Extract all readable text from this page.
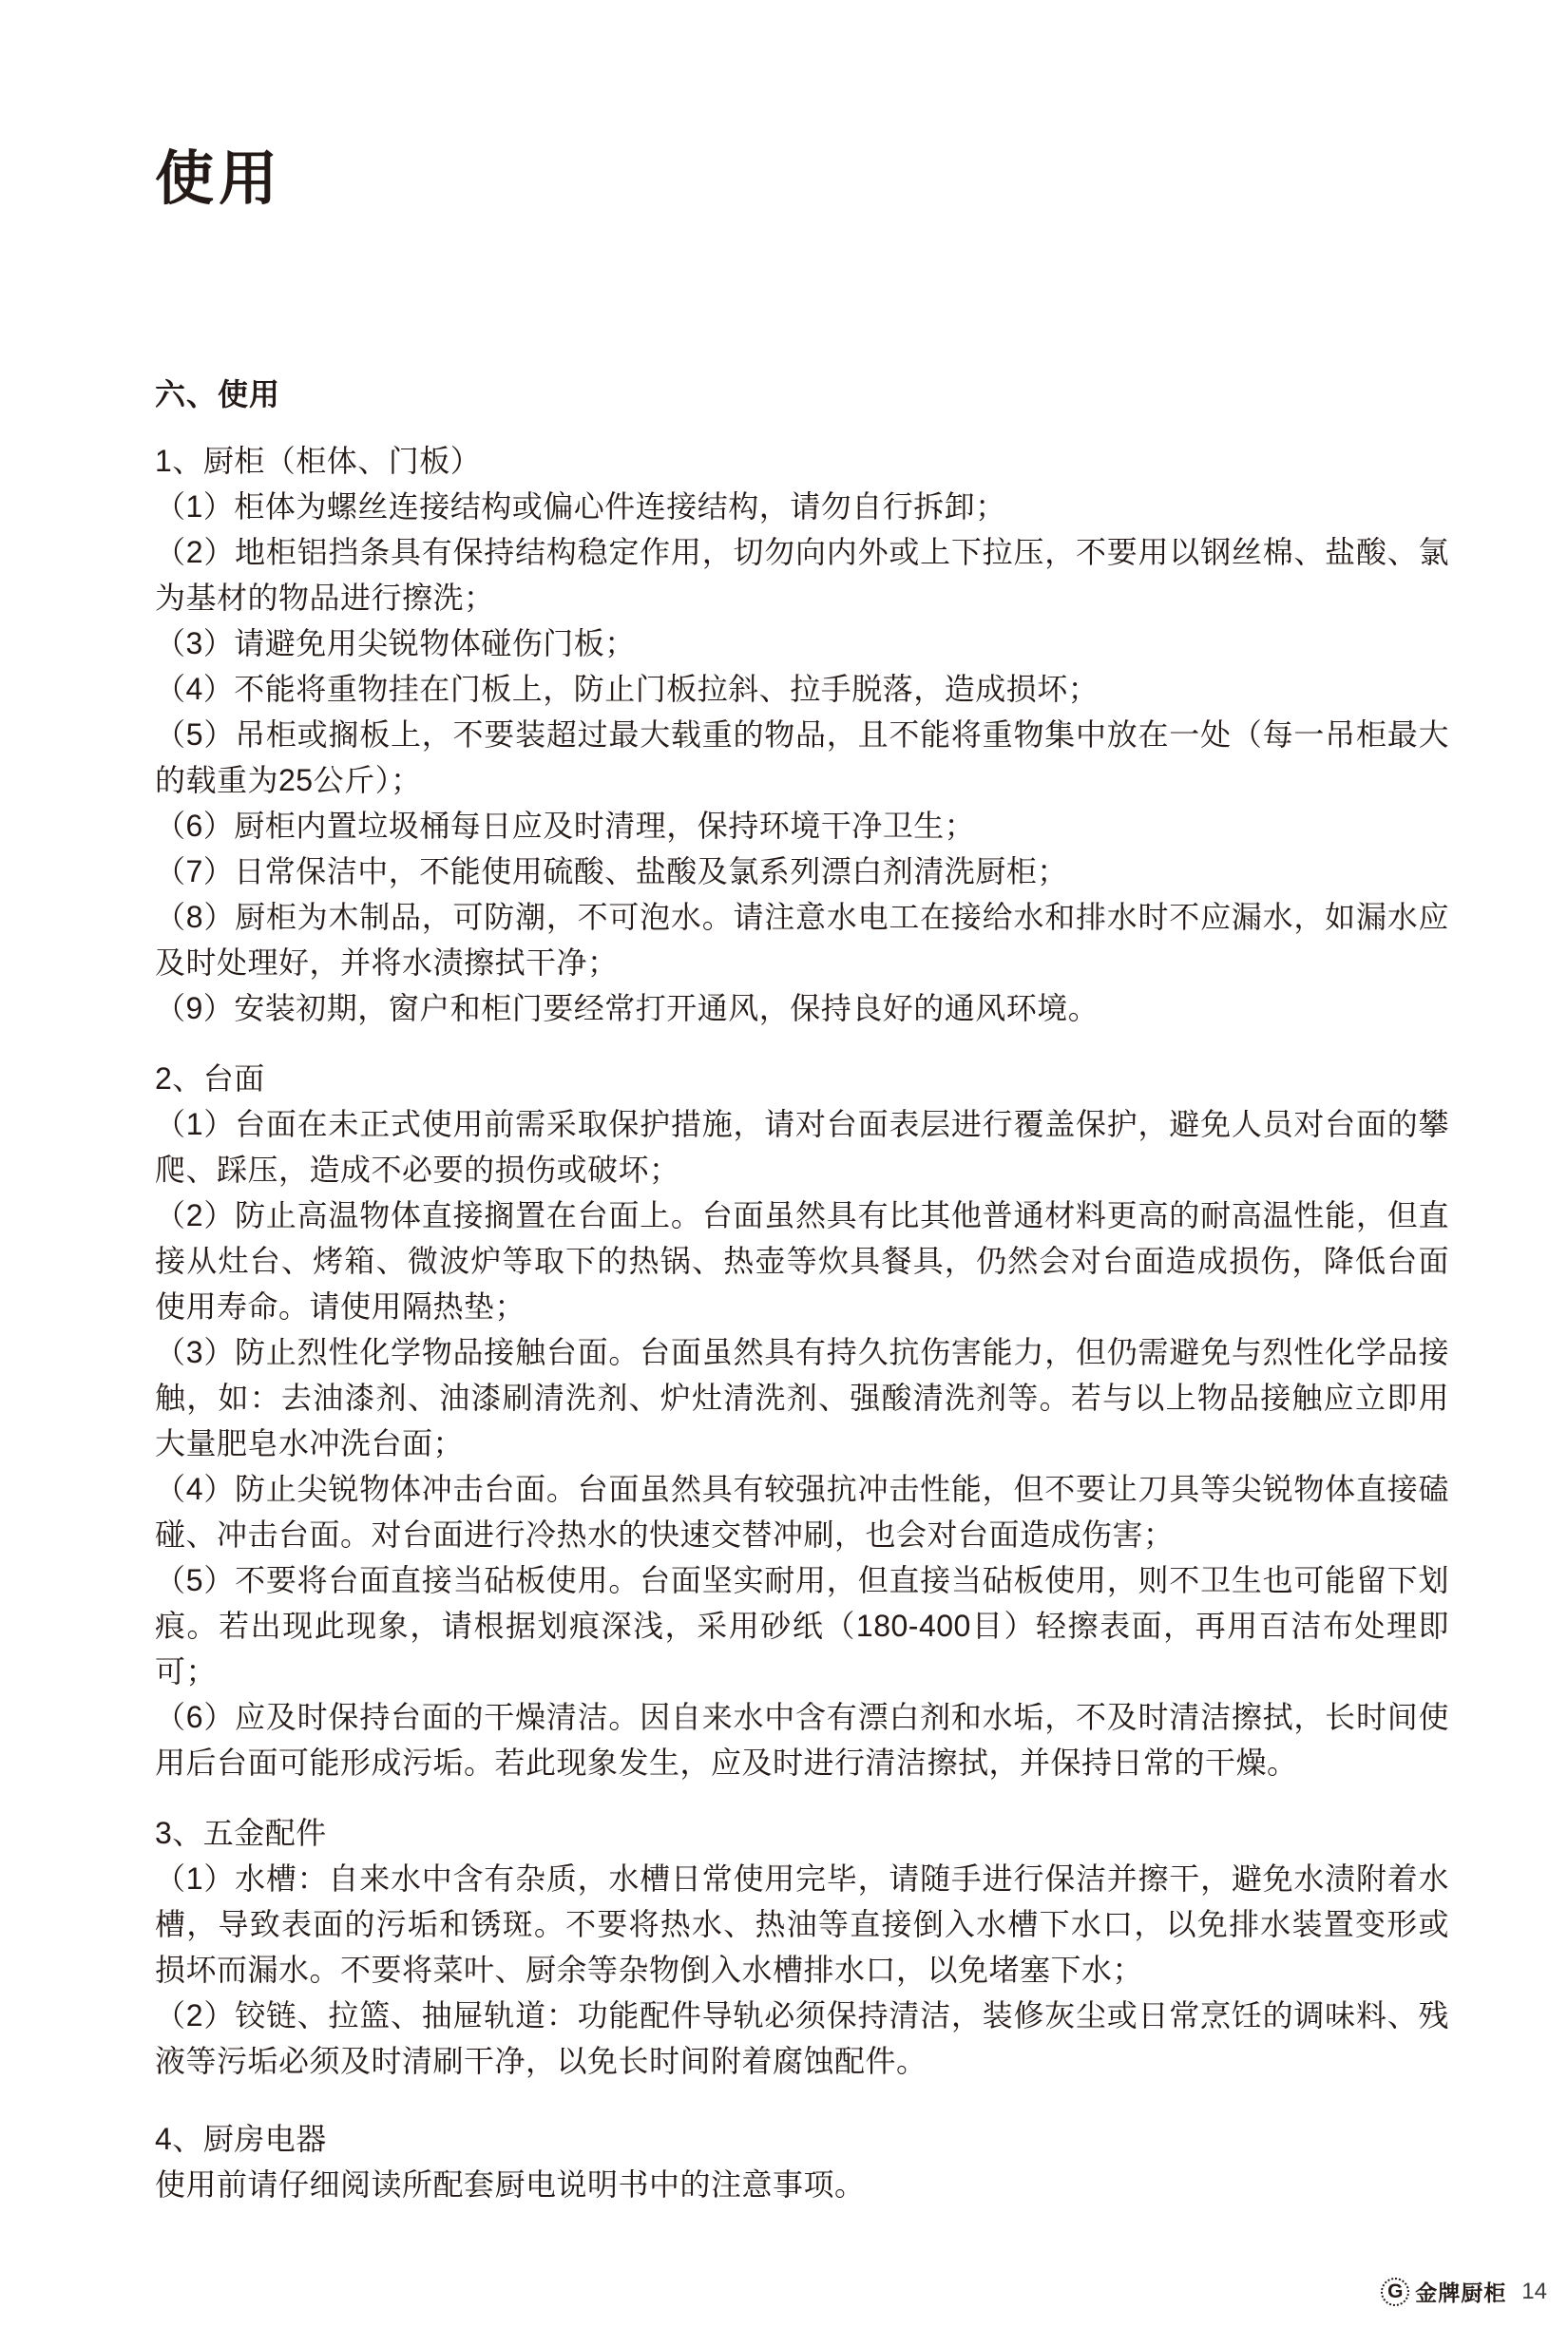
使用
六、使用

1、厨柜（柜体、门板）

（1）柜体为螺丝连接结构或偏心件连接结构，请勿自行拆卸；

（2）地柜铝挡条具有保持结构稳定作用，切勿向内外或上下拉压，不要用以钢丝棉、盐酸、氯为基材的物品进行擦洗；

（3）请避免用尖锐物体碰伤门板；

（4）不能将重物挂在门板上，防止门板拉斜、拉手脱落，造成损坏；

（5）吊柜或搁板上，不要装超过最大载重的物品，且不能将重物集中放在一处（每一吊柜最大的载重为25公斤）；

（6）厨柜内置垃圾桶每日应及时清理，保持环境干净卫生；

（7）日常保洁中，不能使用硫酸、盐酸及氯系列漂白剂清洗厨柜；

（8）厨柜为木制品，可防潮，不可泡水。请注意水电工在接给水和排水时不应漏水，如漏水应及时处理好，并将水渍擦拭干净；

（9）安装初期，窗户和柜门要经常打开通风，保持良好的通风环境。

2、台面

（1）台面在未正式使用前需采取保护措施，请对台面表层进行覆盖保护，避免人员对台面的攀爬、踩压，造成不必要的损伤或破坏；

（2）防止高温物体直接搁置在台面上。台面虽然具有比其他普通材料更高的耐高温性能，但直接从灶台、烤箱、微波炉等取下的热锅、热壶等炊具餐具，仍然会对台面造成损伤，降低台面使用寿命。请使用隔热垫；

（3）防止烈性化学物品接触台面。台面虽然具有持久抗伤害能力，但仍需避免与烈性化学品接触，如：去油漆剂、油漆刷清洗剂、炉灶清洗剂、强酸清洗剂等。若与以上物品接触应立即用大量肥皂水冲洗台面；

（4）防止尖锐物体冲击台面。台面虽然具有较强抗冲击性能，但不要让刀具等尖锐物体直接磕碰、冲击台面。对台面进行冷热水的快速交替冲刷，也会对台面造成伤害；

（5）不要将台面直接当砧板使用。台面坚实耐用，但直接当砧板使用，则不卫生也可能留下划痕。若出现此现象，请根据划痕深浅，采用砂纸（180-400目）轻擦表面，再用百洁布处理即可；

（6）应及时保持台面的干燥清洁。因自来水中含有漂白剂和水垢，不及时清洁擦拭，长时间使用后台面可能形成污垢。若此现象发生，应及时进行清洁擦拭，并保持日常的干燥。

3、五金配件

（1）水槽：自来水中含有杂质，水槽日常使用完毕，请随手进行保洁并擦干，避免水渍附着水槽，导致表面的污垢和锈斑。不要将热水、热油等直接倒入水槽下水口，以免排水装置变形或损坏而漏水。不要将菜叶、厨余等杂物倒入水槽排水口，以免堵塞下水；

（2）铰链、拉篮、抽屉轨道：功能配件导轨必须保持清洁，装修灰尘或日常烹饪的调味料、残液等污垢必须及时清刷干净，以免长时间附着腐蚀配件。

4、厨房电器

使用前请仔细阅读所配套厨电说明书中的注意事项。

G 金牌厨柜 14
